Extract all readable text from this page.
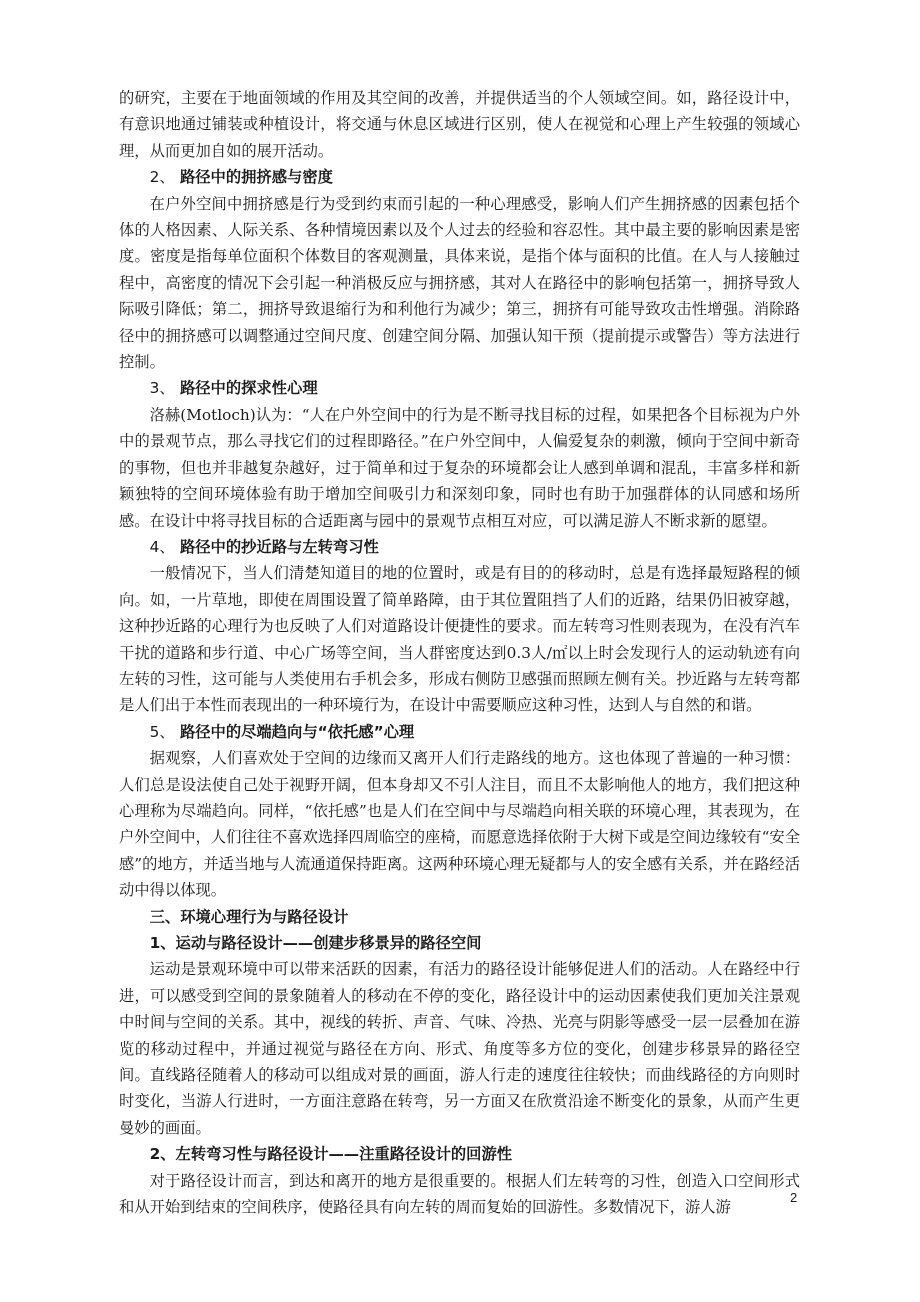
的研究，主要在于地面领域的作用及其空间的改善，并提供适当的个人领域空间。如，路径设计中，有意识地通过铺装或种植设计，将交通与休息区域进行区别，使人在视觉和心理上产生较强的领域心理，从而更加自如的展开活动。

2、 路径中的拥挤感与密度

在户外空间中拥挤感是行为受到约束而引起的一种心理感受，影响人们产生拥挤感的因素包括个体的人格因素、人际关系、各种情境因素以及个人过去的经验和容忍性。其中最主要的影响因素是密度。密度是指每单位面积个体数目的客观测量，具体来说，是指个体与面积的比值。在人与人接触过程中，高密度的情况下会引起一种消极反应与拥挤感，其对人在路径中的影响包括第一，拥挤导致人际吸引降低；第二，拥挤导致退缩行为和利他行为减少；第三，拥挤有可能导致攻击性增强。消除路径中的拥挤感可以调整通过空间尺度、创建空间分隔、加强认知干预（提前提示或警告）等方法进行控制。

3、 路径中的探求性心理

洛赫(Motloch)认为：“人在户外空间中的行为是不断寻找目标的过程，如果把各个目标视为户外中的景观节点，那么寻找它们的过程即路径。”在户外空间中，人偏爱复杂的刺激，倾向于空间中新奇的事物，但也并非越复杂越好，过于简单和过于复杂的环境都会让人感到单调和混乱，丰富多样和新颖独特的空间环境体验有助于增加空间吸引力和深刻印象，同时也有助于加强群体的认同感和场所感。在设计中将寻找目标的合适距离与园中的景观节点相互对应，可以满足游人不断求新的愿望。

4、 路径中的抄近路与左转弯习性

一般情况下，当人们清楚知道目的地的位置时，或是有目的的移动时，总是有选择最短路程的倾向。如，一片草地，即使在周围设置了简单路障，由于其位置阻挡了人们的近路，结果仍旧被穿越，这种抄近路的心理行为也反映了人们对道路设计便捷性的要求。而左转弯习性则表现为，在没有汽车干扰的道路和步行道、中心广场等空间，当人群密度达到0.3人/㎡以上时会发现行人的运动轨迹有向左转的习性，这可能与人类使用右手机会多，形成右侧防卫感强而照顾左侧有关。抄近路与左转弯都是人们出于本性而表现出的一种环境行为，在设计中需要顺应这种习性，达到人与自然的和谐。

5、 路径中的尽端趋向与“依托感”心理

据观察，人们喜欢处于空间的边缘而又离开人们行走路线的地方。这也体现了普遍的一种习惯：人们总是设法使自己处于视野开阔，但本身却又不引人注目，而且不太影响他人的地方，我们把这种心理称为尽端趋向。同样，“依托感”也是人们在空间中与尽端趋向相关联的环境心理，其表现为，在户外空间中，人们往往不喜欢选择四周临空的座椅，而愿意选择依附于大树下或是空间边缘较有“安全感”的地方，并适当地与人流通道保持距离。这两种环境心理无疑都与人的安全感有关系，并在路经活动中得以体现。

三、环境心理行为与路径设计
1、运动与路径设计——创建步移景异的路径空间

运动是景观环境中可以带来活跃的因素，有活力的路径设计能够促进人们的活动。人在路经中行进，可以感受到空间的景象随着人的移动在不停的变化，路径设计中的运动因素使我们更加关注景观中时间与空间的关系。其中，视线的转折、声音、气味、冷热、光亮与阴影等感受一层一层叠加在游览的移动过程中，并通过视觉与路径在方向、形式、角度等多方位的变化，创建步移景异的路径空间。直线路径随着人的移动可以组成对景的画面，游人行走的速度往往较快；而曲线路径的方向则时时变化，当游人行进时，一方面注意路在转弯，另一方面又在欣赏沿途不断变化的景象，从而产生更曼妙的画面。

2、左转弯习性与路径设计——注重路径设计的回游性

对于路径设计而言，到达和离开的地方是很重要的。根据人们左转弯的习性，创造入口空间形式和从开始到结束的空间秩序，使路径具有向左转的周而复始的回游性。多数情况下，游人游

2
